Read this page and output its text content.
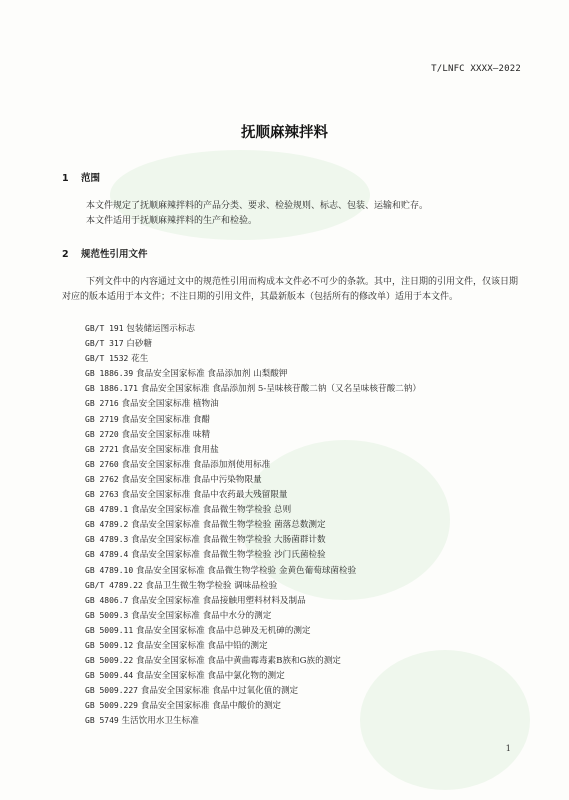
T/LNFC XXXX—2022
抚顺麻辣拌料
1 范围

本文件规定了抚顺麻辣拌料的产品分类、要求、检验规则、标志、包装、运输和贮存。

本文件适用于抚顺麻辣拌料的生产和检验。

2 规范性引用文件

下列文件中的内容通过文中的规范性引用而构成本文件必不可少的条款。其中，注日期的引用文件，仅该日期对应的版本适用于本文件；不注日期的引用文件，其最新版本（包括所有的修改单）适用于本文件。

GB/T 191 包装储运图示标志
GB/T 317 白砂糖
GB/T 1532 花生
GB 1886.39 食品安全国家标准 食品添加剂 山梨酸钾
GB 1886.171 食品安全国家标准 食品添加剂 5-呈味核苷酸二钠（又名呈味核苷酸二钠）
GB 2716 食品安全国家标准 植物油
GB 2719 食品安全国家标准 食醋
GB 2720 食品安全国家标准 味精
GB 2721 食品安全国家标准 食用盐
GB 2760 食品安全国家标准 食品添加剂使用标准
GB 2762 食品安全国家标准 食品中污染物限量
GB 2763 食品安全国家标准 食品中农药最大残留限量
GB 4789.1 食品安全国家标准 食品微生物学检验 总则
GB 4789.2 食品安全国家标准 食品微生物学检验 菌落总数测定
GB 4789.3 食品安全国家标准 食品微生物学检验 大肠菌群计数
GB 4789.4 食品安全国家标准 食品微生物学检验 沙门氏菌检验
GB 4789.10 食品安全国家标准 食品微生物学检验 金黄色葡萄球菌检验
GB/T 4789.22 食品卫生微生物学检验 调味品检验
GB 4806.7 食品安全国家标准 食品接触用塑料材料及制品
GB 5009.3 食品安全国家标准 食品中水分的测定
GB 5009.11 食品安全国家标准 食品中总砷及无机砷的测定
GB 5009.12 食品安全国家标准 食品中铅的测定
GB 5009.22 食品安全国家标准 食品中黄曲霉毒素B族和G族的测定
GB 5009.44 食品安全国家标准 食品中氯化物的测定
GB 5009.227 食品安全国家标准 食品中过氧化值的测定
GB 5009.229 食品安全国家标准 食品中酸价的测定
GB 5749 生活饮用水卫生标准
1
